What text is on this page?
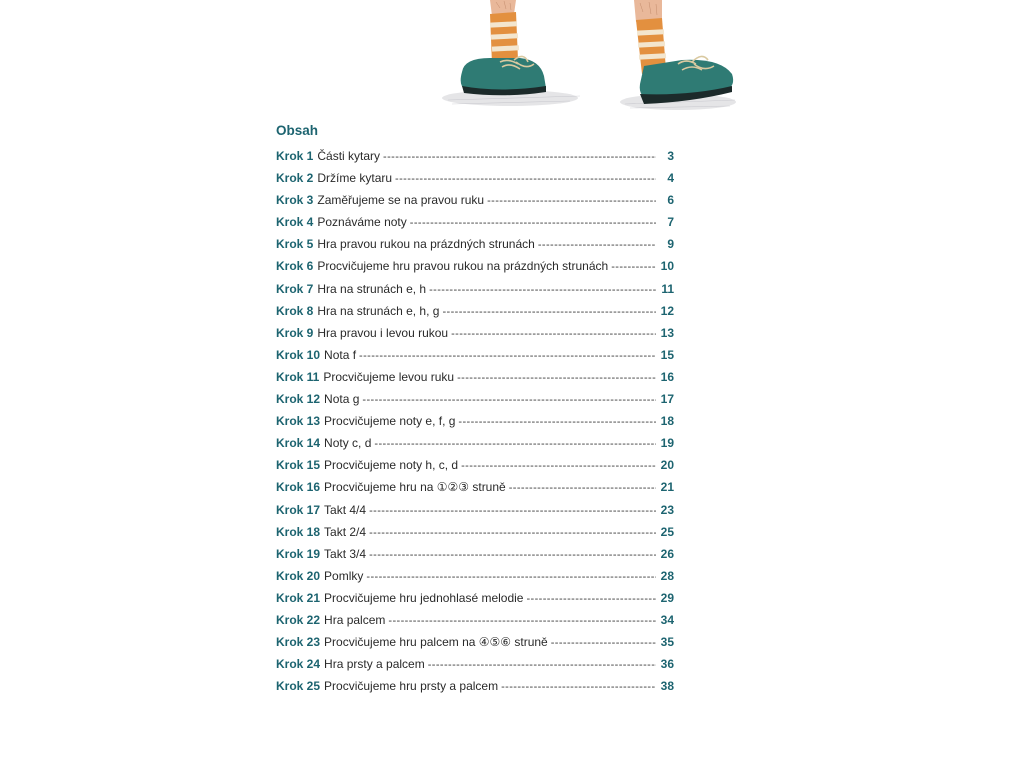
Obsah
Krok 1 Části kytary -----	3
Krok 2 Držíme kytaru -----	4
Krok 3 Zaměřujeme se na pravou ruku -----	6
Krok 4 Poznáváme noty -----	7
Krok 5 Hra pravou rukou na prázdných strunách -----	9
Krok 6 Procvičujeme hru pravou rukou na prázdných strunách -----	10
Krok 7 Hra na strunách e, h -----	11
Krok 8 Hra na strunách e, h, g -----	12
Krok 9 Hra pravou i levou rukou -----	13
Krok 10 Nota f -----	15
Krok 11 Procvičujeme levou ruku -----	16
Krok 12 Nota g -----	17
Krok 13 Procvičujeme noty e, f, g -----	18
Krok 14 Noty c, d -----	19
Krok 15 Procvičujeme noty h, c, d -----	20
Krok 16 Procvičujeme hru na ①②③ struně -----	21
Krok 17 Takt 4/4 -----	23
Krok 18 Takt 2/4 -----	25
Krok 19 Takt 3/4 -----	26
Krok 20 Pomlky -----	28
Krok 21 Procvičujeme hru jednohlasé melodie -----	29
Krok 22 Hra palcem -----	34
Krok 23 Procvičujeme hru palcem na ④⑤⑥ struně -----	35
Krok 24 Hra prsty a palcem -----	36
Krok 25 Procvičujeme hru prsty a palcem -----	38
